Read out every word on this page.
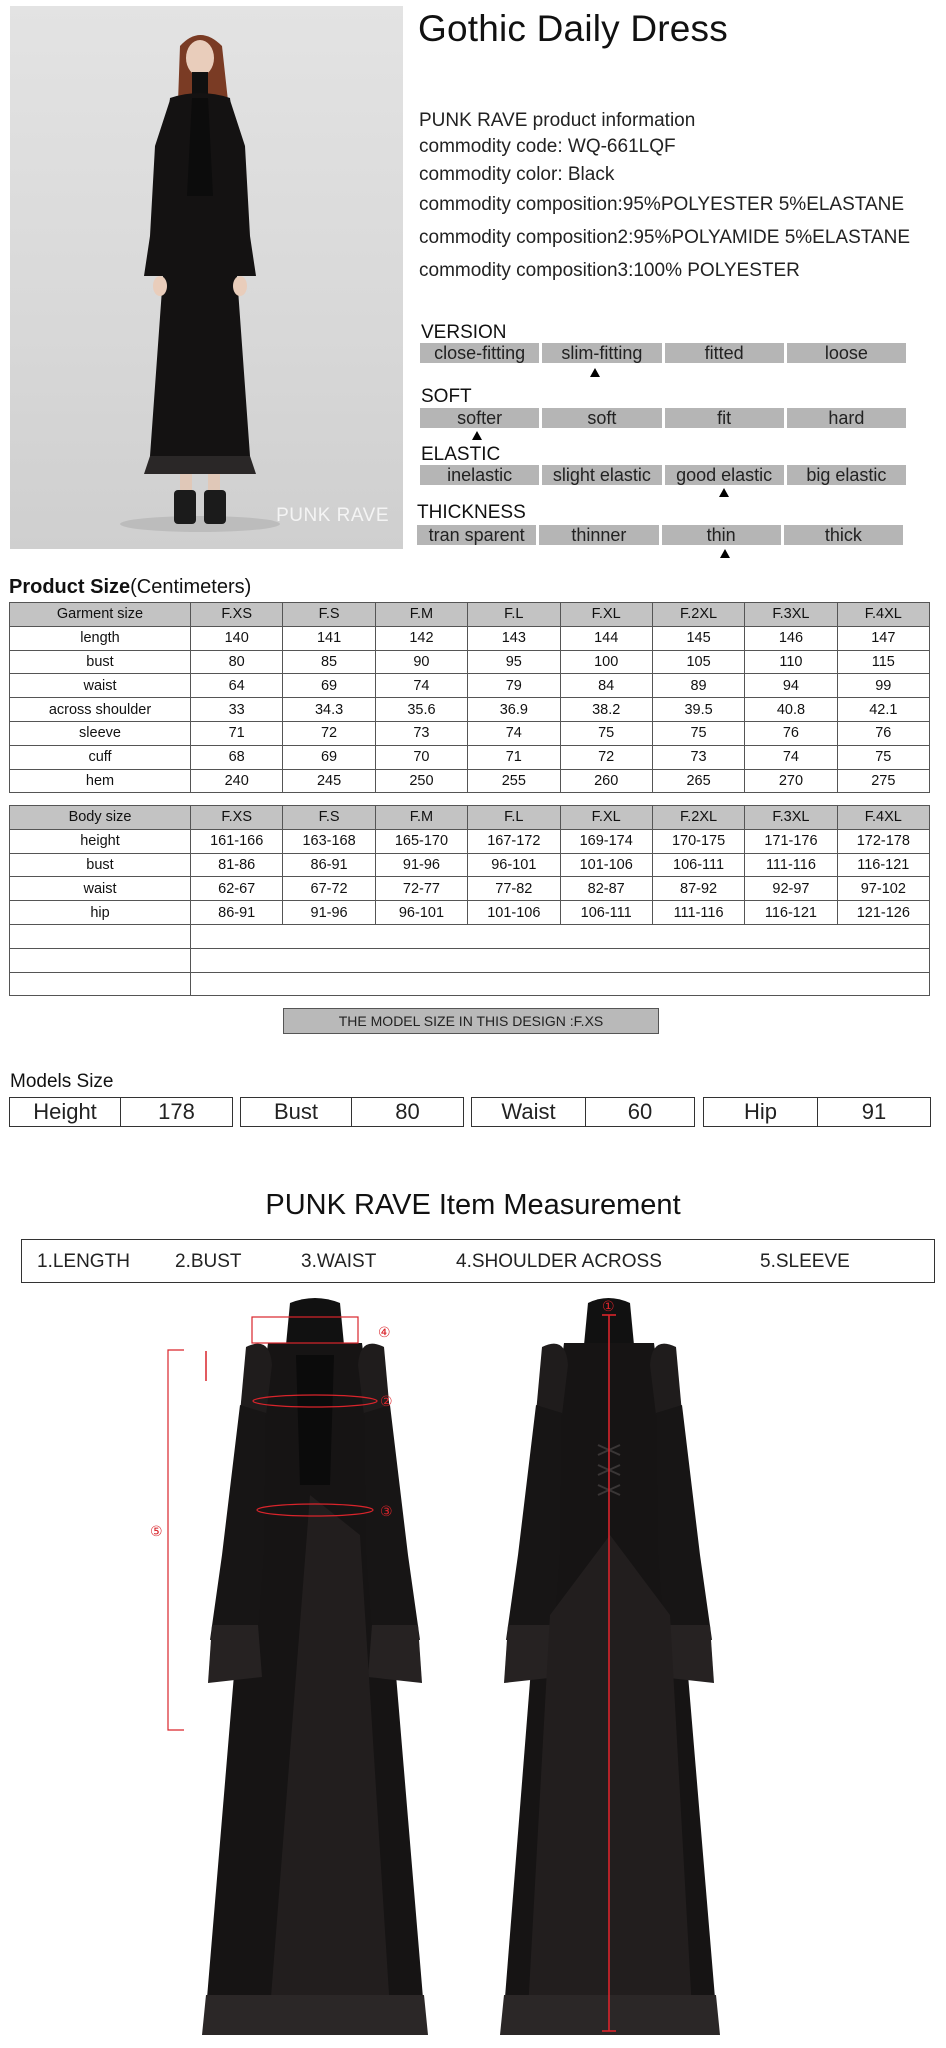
PUNK RAVE
Gothic Daily Dress
PUNK RAVE product information
commodity code: WQ-661LQF
commodity color: Black
commodity composition:95%POLYESTER 5%ELASTANE
commodity composition2:95%POLYAMIDE 5%ELASTANE
commodity composition3:100% POLYESTER
VERSION
close-fitting	slim-fitting	fitted	loose
SOFT
softer	soft	fit	hard
ELASTIC
inelastic	slight elastic	good elastic	big elastic
THICKNESS
tran sparent	thinner	thin	thick
Product Size(Centimeters)
Garment size	F.XS	F.S	F.M	F.L	F.XL	F.2XL	F.3XL	F.4XL
length	140	141	142	143	144	145	146	147
bust	80	85	90	95	100	105	110	115
waist	64	69	74	79	84	89	94	99
across shoulder	33	34.3	35.6	36.9	38.2	39.5	40.8	42.1
sleeve	71	72	73	74	75	75	76	76
cuff	68	69	70	71	72	73	74	75
hem	240	245	250	255	260	265	270	275
Body size	F.XS	F.S	F.M	F.L	F.XL	F.2XL	F.3XL	F.4XL
height	161-166	163-168	165-170	167-172	169-174	170-175	171-176	172-178
bust	81-86	86-91	91-96	96-101	101-106	106-111	111-116	116-121
waist	62-67	67-72	72-77	77-82	82-87	87-92	92-97	97-102
hip	86-91	91-96	96-101	101-106	106-111	111-116	116-121	121-126

THE MODEL SIZE IN THIS DESIGN :F.XS
Models Size
Height	178	Bust	80	Waist	60	Hip	91
PUNK RAVE Item Measurement
1.LENGTH 2.BUST	3.WAIST	4.SHOULDER ACROSS	5.SLEEVE
④
②
③
⑤
①
